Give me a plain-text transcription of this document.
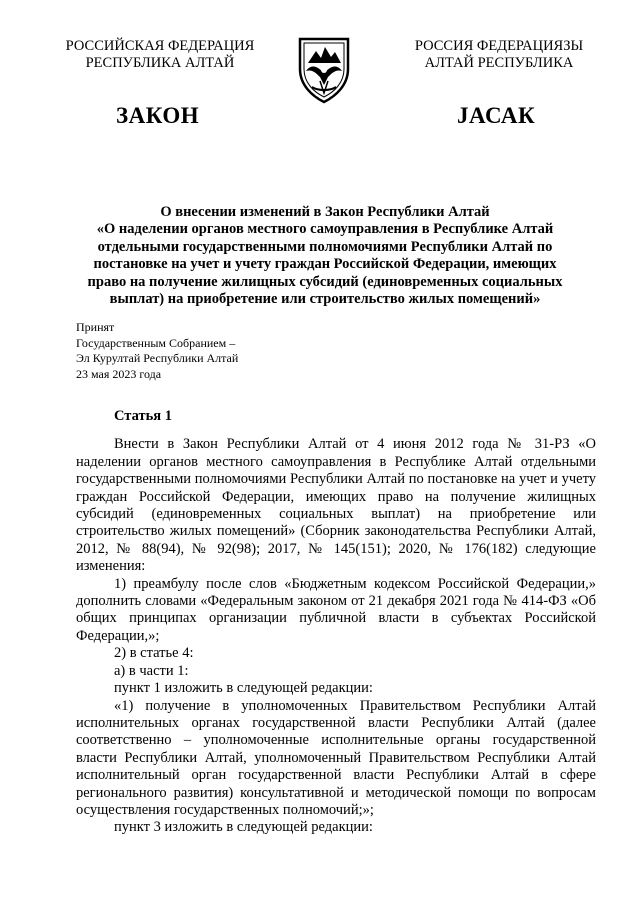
РОССИЙСКАЯ ФЕДЕРАЦИЯ
РЕСПУБЛИКА АЛТАЙ
РОССИЯ ФЕДЕРАЦИЯЗЫ
АЛТАЙ РЕСПУБЛИКА
ЗАКОН	ЈАСАК
О внесении изменений в Закон Республики Алтай
«О наделении органов местного самоуправления в Республике Алтай
отдельными государственными полномочиями Республики Алтай по
постановке на учет и учету граждан Российской Федерации, имеющих
право на получение жилищных субсидий (единовременных социальных
выплат) на приобретение или строительство жилых помещений»
Принят
Государственным Собранием –
Эл Курултай Республики Алтай
23 мая 2023 года
Статья 1

Внести в Закон Республики Алтай от 4 июня 2012 года № 31-РЗ «О наделении органов местного самоуправления в Республике Алтай отдельными государственными полномочиями Республики Алтай по постановке на учет и учету граждан Российской Федерации, имеющих право на получение жилищных субсидий (единовременных социальных выплат) на приобретение или строительство жилых помещений» (Сборник законодательства Республики Алтай, 2012, № 88(94), № 92(98); 2017, № 145(151); 2020, № 176(182) следующие изменения:

1) преамбулу после слов «Бюджетным кодексом Российской Федерации,» дополнить словами «Федеральным законом от 21 декабря 2021 года № 414-ФЗ «Об общих принципах организации публичной власти в субъектах Российской Федерации,»;

2) в статье 4:

а) в части 1:

пункт 1 изложить в следующей редакции:

«1) получение в уполномоченных Правительством Республики Алтай исполнительных органах государственной власти Республики Алтай (далее соответственно – уполномоченные исполнительные органы государственной власти Республики Алтай, уполномоченный Правительством Республики Алтай исполнительный орган государственной власти Республики Алтай в сфере регионального развития) консультативной и методической помощи по вопросам осуществления государственных полномочий;»;

пункт 3 изложить в следующей редакции:
